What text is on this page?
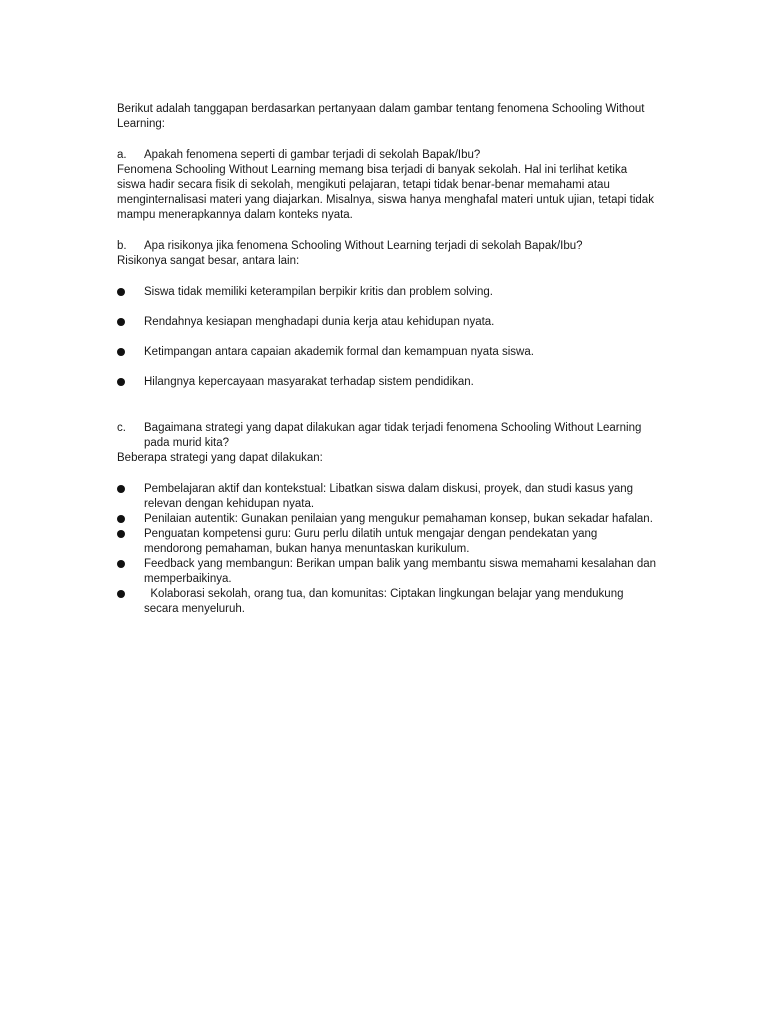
Berikut adalah tanggapan berdasarkan pertanyaan dalam gambar tentang fenomena Schooling Without Learning:

a.	Apakah fenomena seperti di gambar terjadi di sekolah Bapak/Ibu?

Fenomena Schooling Without Learning memang bisa terjadi di banyak sekolah. Hal ini terlihat ketika siswa hadir secara fisik di sekolah, mengikuti pelajaran, tetapi tidak benar-benar memahami atau menginternalisasi materi yang diajarkan. Misalnya, siswa hanya menghafal materi untuk ujian, tetapi tidak mampu menerapkannya dalam konteks nyata.

b.	Apa risikonya jika fenomena Schooling Without Learning terjadi di sekolah Bapak/Ibu?

Risikonya sangat besar, antara lain:

Siswa tidak memiliki keterampilan berpikir kritis dan problem solving.
Rendahnya kesiapan menghadapi dunia kerja atau kehidupan nyata.
Ketimpangan antara capaian akademik formal dan kemampuan nyata siswa.
Hilangnya kepercayaan masyarakat terhadap sistem pendidikan.
c.	Bagaimana strategi yang dapat dilakukan agar tidak terjadi fenomena Schooling Without Learning pada murid kita?

Beberapa strategi yang dapat dilakukan:

Pembelajaran aktif dan kontekstual: Libatkan siswa dalam diskusi, proyek, dan studi kasus yang relevan dengan kehidupan nyata.
Penilaian autentik: Gunakan penilaian yang mengukur pemahaman konsep, bukan sekadar hafalan.
Penguatan kompetensi guru: Guru perlu dilatih untuk mengajar dengan pendekatan yang mendorong pemahaman, bukan hanya menuntaskan kurikulum.
Feedback yang membangun: Berikan umpan balik yang membantu siswa memahami kesalahan dan memperbaikinya.
Kolaborasi sekolah, orang tua, dan komunitas: Ciptakan lingkungan belajar yang mendukung secara menyeluruh.
